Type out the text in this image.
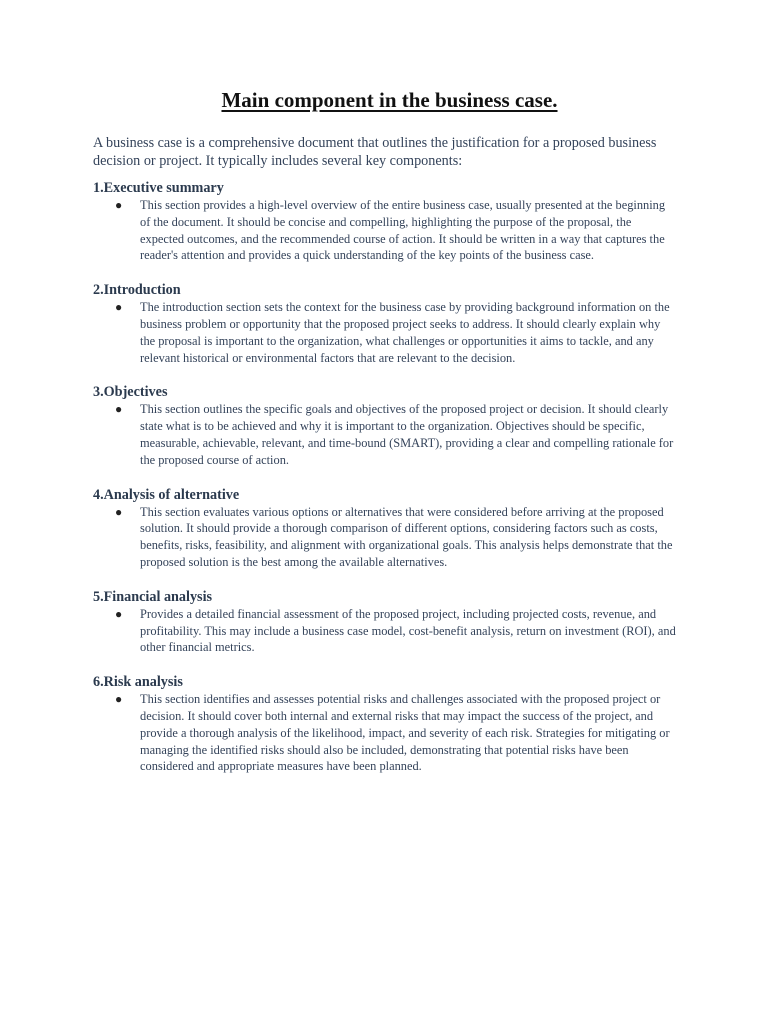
Main component in the business case.

A business case is a comprehensive document that outlines the justification for a proposed business decision or project. It typically includes several key components:

1.Executive summary
● This section provides a high-level overview of the entire business case, usually presented at the beginning of the document. It should be concise and compelling, highlighting the purpose of the proposal, the expected outcomes, and the recommended course of action. It should be written in a way that captures the reader's attention and provides a quick understanding of the key points of the business case.
2.Introduction
● The introduction section sets the context for the business case by providing background information on the business problem or opportunity that the proposed project seeks to address. It should clearly explain why the proposal is important to the organization, what challenges or opportunities it aims to tackle, and any relevant historical or environmental factors that are relevant to the decision.
3.Objectives
● This section outlines the specific goals and objectives of the proposed project or decision. It should clearly state what is to be achieved and why it is important to the organization. Objectives should be specific, measurable, achievable, relevant, and time-bound (SMART), providing a clear and compelling rationale for the proposed course of action.
4.Analysis of alternative
● This section evaluates various options or alternatives that were considered before arriving at the proposed solution. It should provide a thorough comparison of different options, considering factors such as costs, benefits, risks, feasibility, and alignment with organizational goals. This analysis helps demonstrate that the proposed solution is the best among the available alternatives.
5.Financial analysis
● Provides a detailed financial assessment of the proposed project, including projected costs, revenue, and profitability. This may include a business case model, cost-benefit analysis, return on investment (ROI), and other financial metrics.
6.Risk analysis
● This section identifies and assesses potential risks and challenges associated with the proposed project or decision. It should cover both internal and external risks that may impact the success of the project, and provide a thorough analysis of the likelihood, impact, and severity of each risk. Strategies for mitigating or managing the identified risks should also be included, demonstrating that potential risks have been considered and appropriate measures have been planned.
